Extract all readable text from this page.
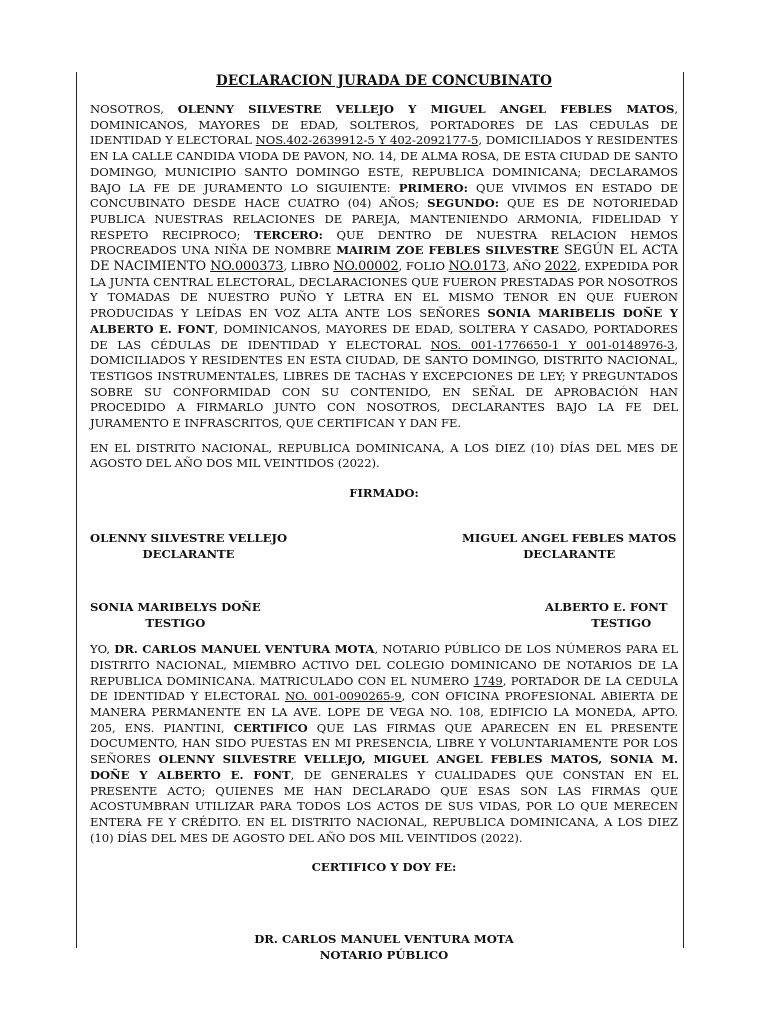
DECLARACION JURADA DE CONCUBINATO

NOSOTROS, OLENNY SILVESTRE VELLEJO Y MIGUEL ANGEL FEBLES MATOS, DOMINICANOS, MAYORES DE EDAD, SOLTEROS, PORTADORES DE LAS CEDULAS DE IDENTIDAD Y ELECTORAL NOS.402-2639912-5 Y 402-2092177-5, DOMICILIADOS Y RESIDENTES EN LA CALLE CANDIDA VIODA DE PAVON, NO. 14, DE ALMA ROSA, DE ESTA CIUDAD DE SANTO DOMINGO, MUNICIPIO SANTO DOMINGO ESTE, REPUBLICA DOMINICANA; DECLARAMOS BAJO LA FE DE JURAMENTO LO SIGUIENTE: PRIMERO: QUE VIVIMOS EN ESTADO DE CONCUBINATO DESDE HACE CUATRO (04) AÑOS; SEGUNDO: QUE ES DE NOTORIEDAD PUBLICA NUESTRAS RELACIONES DE PAREJA, MANTENIENDO ARMONIA, FIDELIDAD Y RESPETO RECIPROCO; TERCERO: QUE DENTRO DE NUESTRA RELACION HEMOS PROCREADOS UNA NIÑA DE NOMBRE MAIRIM ZOE FEBLES SILVESTRE SEGÚN EL ACTA DE NACIMIENTO NO.000373, LIBRO NO.00002, FOLIO NO.0173, AÑO 2022, EXPEDIDA POR LA JUNTA CENTRAL ELECTORAL, DECLARACIONES QUE FUERON PRESTADAS POR NOSOTROS Y TOMADAS DE NUESTRO PUÑO Y LETRA EN EL MISMO TENOR EN QUE FUERON PRODUCIDAS Y LEÍDAS EN VOZ ALTA ANTE LOS SEÑORES SONIA MARIBELIS DOÑE Y ALBERTO E. FONT, DOMINICANOS, MAYORES DE EDAD, SOLTERA Y CASADO, PORTADORES DE LAS CÉDULAS DE IDENTIDAD Y ELECTORAL NOS. 001-1776650-1 Y 001-0148976-3, DOMICILIADOS Y RESIDENTES EN ESTA CIUDAD, DE SANTO DOMINGO, DISTRITO NACIONAL, TESTIGOS INSTRUMENTALES, LIBRES DE TACHAS Y EXCEPCIONES DE LEY; Y PREGUNTADOS SOBRE SU CONFORMIDAD CON SU CONTENIDO, EN SEÑAL DE APROBACIÓN HAN PROCEDIDO A FIRMARLO JUNTO CON NOSOTROS, DECLARANTES BAJO LA FE DEL JURAMENTO E INFRASCRITOS, QUE CERTIFICAN Y DAN FE.

EN EL DISTRITO NACIONAL, REPUBLICA DOMINICANA, A LOS DIEZ (10) DÍAS DEL MES DE AGOSTO DEL AÑO DOS MIL VEINTIDOS (2022).

FIRMADO:

OLENNY SILVESTRE VELLEJO
DECLARANTE
MIGUEL ANGEL FEBLES MATOS
DECLARANTE
SONIA MARIBELYS DOÑE
TESTIGO
ALBERTO E. FONT
TESTIGO

YO, DR. CARLOS MANUEL VENTURA MOTA, NOTARIO PÚBLICO DE LOS NÚMEROS PARA EL DISTRITO NACIONAL, MIEMBRO ACTIVO DEL COLEGIO DOMINICANO DE NOTARIOS DE LA REPUBLICA DOMINICANA. MATRICULADO CON EL NUMERO 1749, PORTADOR DE LA CEDULA DE IDENTIDAD Y ELECTORAL NO. 001-0090265-9, CON OFICINA PROFESIONAL ABIERTA DE MANERA PERMANENTE EN LA AVE. LOPE DE VEGA NO. 108, EDIFICIO LA MONEDA, APTO. 205, ENS. PIANTINI, CERTIFICO QUE LAS FIRMAS QUE APARECEN EN EL PRESENTE DOCUMENTO, HAN SIDO PUESTAS EN MI PRESENCIA, LIBRE Y VOLUNTARIAMENTE POR LOS SEÑORES OLENNY SILVESTRE VELLEJO, MIGUEL ANGEL FEBLES MATOS, SONIA M. DOÑE Y ALBERTO E. FONT, DE GENERALES Y CUALIDADES QUE CONSTAN EN EL PRESENTE ACTO; QUIENES ME HAN DECLARADO QUE ESAS SON LAS FIRMAS QUE ACOSTUMBRAN UTILIZAR PARA TODOS LOS ACTOS DE SUS VIDAS, POR LO QUE MERECEN ENTERA FE Y CRÉDITO. EN EL DISTRITO NACIONAL, REPUBLICA DOMINICANA, A LOS DIEZ (10) DÍAS DEL MES DE AGOSTO DEL AÑO DOS MIL VEINTIDOS (2022).

CERTIFICO Y DOY FE:

DR. CARLOS MANUEL VENTURA MOTA
NOTARIO PÚBLICO
